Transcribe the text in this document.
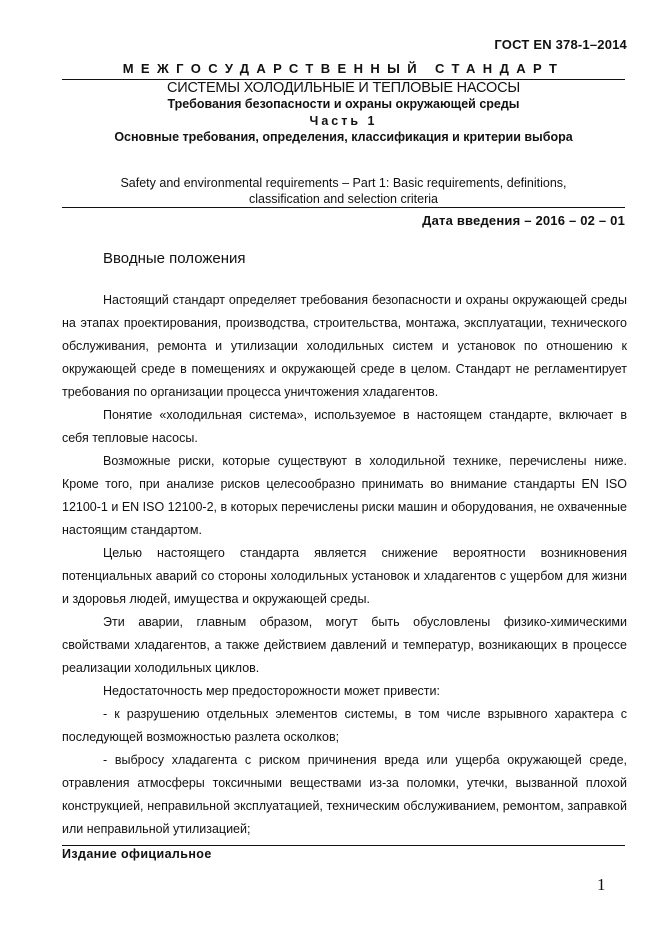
ГОСТ EN 378-1–2014
МЕЖГОСУДАРСТВЕННЫЙ СТАНДАРТ
СИСТЕМЫ ХОЛОДИЛЬНЫЕ И ТЕПЛОВЫЕ НАСОСЫ
Требования безопасности и охраны окружающей среды
Часть 1
Основные требования, определения, классификация и критерии выбора
Safety and environmental requirements – Part 1: Basic requirements, definitions,
classification and selection criteria
Дата введения – 2016 – 02 – 01
Вводные положения

Настоящий стандарт определяет требования безопасности и охраны окружающей среды на этапах проектирования, производства, строительства, монтажа, эксплуатации, технического обслуживания, ремонта и утилизации холодильных систем и установок по отношению к окружающей среде в помещениях и окружающей среде в целом. Стандарт не регламентирует требования по организации процесса уничтожения хладагентов.

Понятие «холодильная система», используемое в настоящем стандарте, включает в себя тепловые насосы.

Возможные риски, которые существуют в холодильной технике, перечислены ниже. Кроме того, при анализе рисков целесообразно принимать во внимание стандарты EN ISO 12100-1 и EN ISO 12100-2, в которых перечислены риски машин и оборудования, не охваченные настоящим стандартом.

Целью настоящего стандарта является снижение вероятности возникновения потенциальных аварий со стороны холодильных установок и хладагентов с ущербом для жизни и здоровья людей, имущества и окружающей среды.

Эти аварии, главным образом, могут быть обусловлены физико-химическими свойствами хладагентов, а также действием давлений и температур, возникающих в процессе реализации холодильных циклов.

Недостаточность мер предосторожности может привести:

- к разрушению отдельных элементов системы, в том числе взрывного характера с последующей возможностью разлета осколков;

- выбросу хладагента с риском причинения вреда или ущерба окружающей среде, отравления атмосферы токсичными веществами из-за поломки, утечки, вызванной плохой конструкцией, неправильной эксплуатацией, техническим обслуживанием, ремонтом, заправкой или неправильной утилизацией;

Издание официальное
1
